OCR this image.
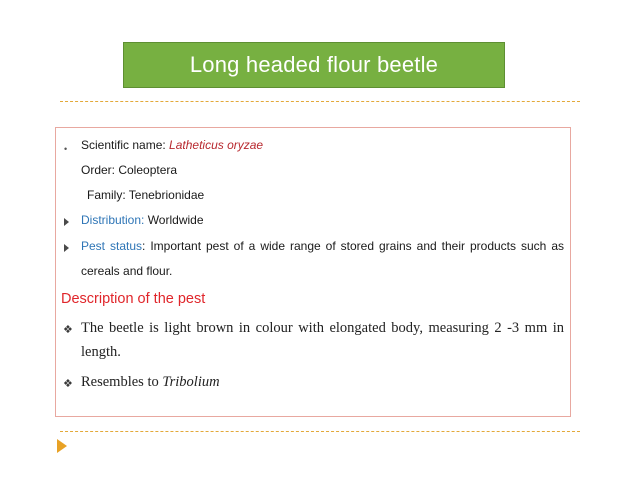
Long headed flour beetle
• Scientific name: Latheticus oryzae
Order: Coleoptera
Family: Tenebrionidae
Distribution: Worldwide
Pest status: Important pest of a wide range of stored grains and their products such as
cereals and flour.
Description of the pest
❖ The beetle is light brown in colour with elongated body, measuring 2 -3 mm in
length.
❖ Resembles to Tribolium
